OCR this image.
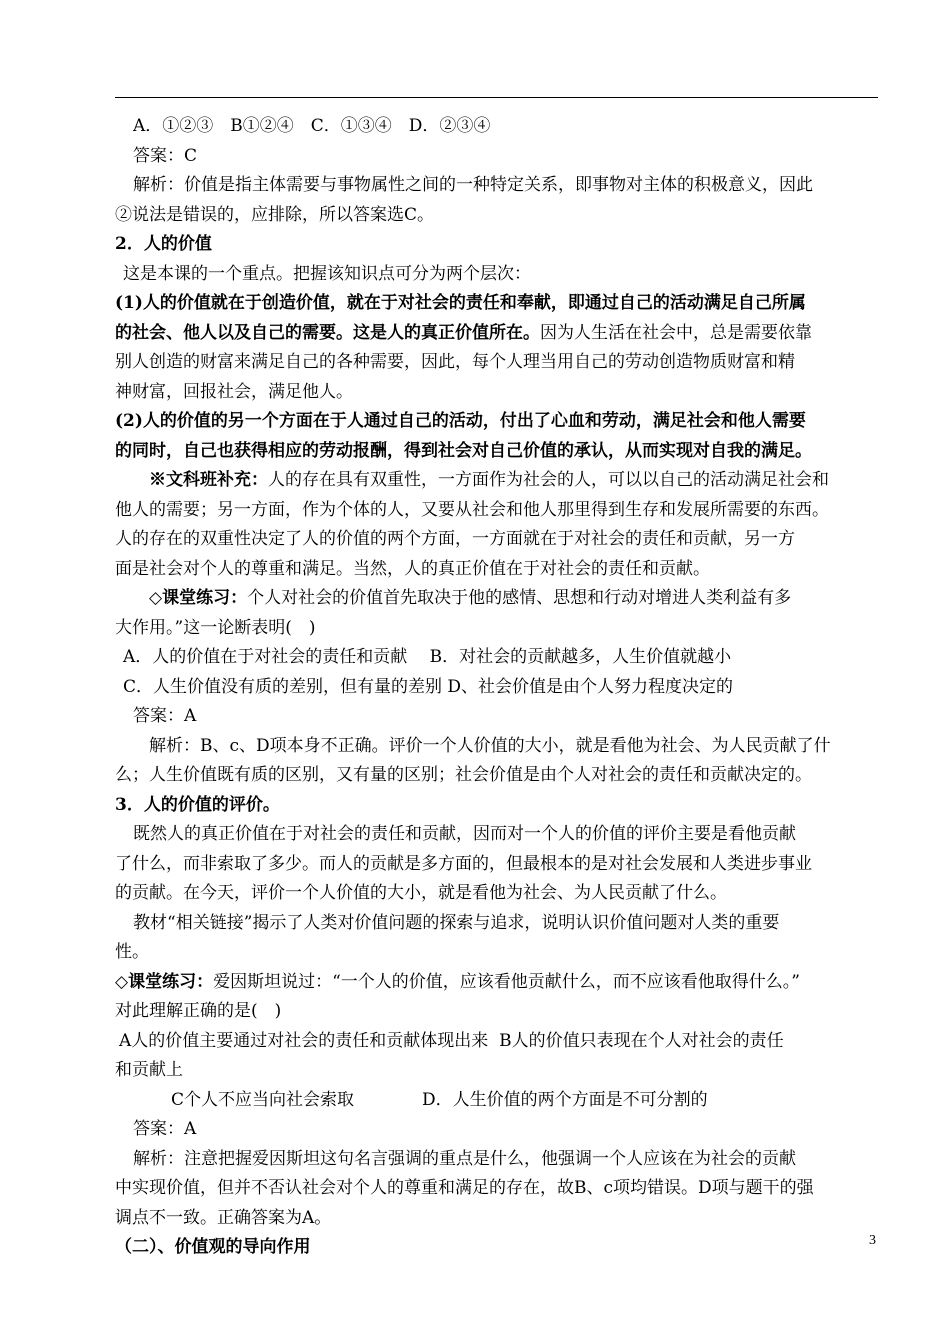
A．①②③　B①②④　C．①③④　D．②③④
答案：C
解析：价值是指主体需要与事物属性之间的一种特定关系，即事物对主体的积极意义，因此
②说法是错误的，应排除，所以答案选C。
2．人的价值
这是本课的一个重点。把握该知识点可分为两个层次：
(1)人的价值就在于创造价值，就在于对社会的责任和奉献，即通过自己的活动满足自己所属
的社会、他人以及自己的需要。这是人的真正价值所在。因为人生活在社会中，总是需要依靠
别人创造的财富来满足自己的各种需要，因此，每个人理当用自己的劳动创造物质财富和精
神财富，回报社会，满足他人。
(2)人的价值的另一个方面在于人通过自己的活动，付出了心血和劳动，满足社会和他人需要
的同时，自己也获得相应的劳动报酬，得到社会对自己价值的承认，从而实现对自我的满足。
※文科班补充：人的存在具有双重性，一方面作为社会的人，可以以自己的活动满足社会和
他人的需要；另一方面，作为个体的人，又要从社会和他人那里得到生存和发展所需要的东西。
人的存在的双重性决定了人的价值的两个方面，一方面就在于对社会的责任和贡献，另一方
面是社会对个人的尊重和满足。当然，人的真正价值在于对社会的责任和贡献。
◇课堂练习：个人对社会的价值首先取决于他的感情、思想和行动对增进人类利益有多
大作用。”这一论断表明(　)
A．人的价值在于对社会的责任和贡献　 B．对社会的贡献越多，人生价值就越小
C．人生价值没有质的差别，但有量的差别 D、社会价值是由个人努力程度决定的
答案：A
解析：B、c、D项本身不正确。评价一个人价值的大小，就是看他为社会、为人民贡献了什
么；人生价值既有质的区别，又有量的区别；社会价值是由个人对社会的责任和贡献决定的。
3．人的价值的评价。
既然人的真正价值在于对社会的责任和贡献，因而对一个人的价值的评价主要是看他贡献
了什么，而非索取了多少。而人的贡献是多方面的，但最根本的是对社会发展和人类进步事业
的贡献。在今天，评价一个人价值的大小，就是看他为社会、为人民贡献了什么。
教材“相关链接”揭示了人类对价值问题的探索与追求，说明认识价值问题对人类的重要
性。
◇课堂练习：爱因斯坦说过：“一个人的价值，应该看他贡献什么，而不应该看他取得什么。”
对此理解正确的是(　)
A人的价值主要通过对社会的责任和贡献体现出来  B人的价值只表现在个人对社会的责任
和贡献上
C个人不应当向社会索取　　　　D．人生价值的两个方面是不可分割的
答案：A
解析：注意把握爱因斯坦这句名言强调的重点是什么，他强调一个人应该在为社会的贡献
中实现价值，但并不否认社会对个人的尊重和满足的存在，故B、c项均错误。D项与题干的强
调点不一致。正确答案为A。
（二）、价值观的导向作用	3
